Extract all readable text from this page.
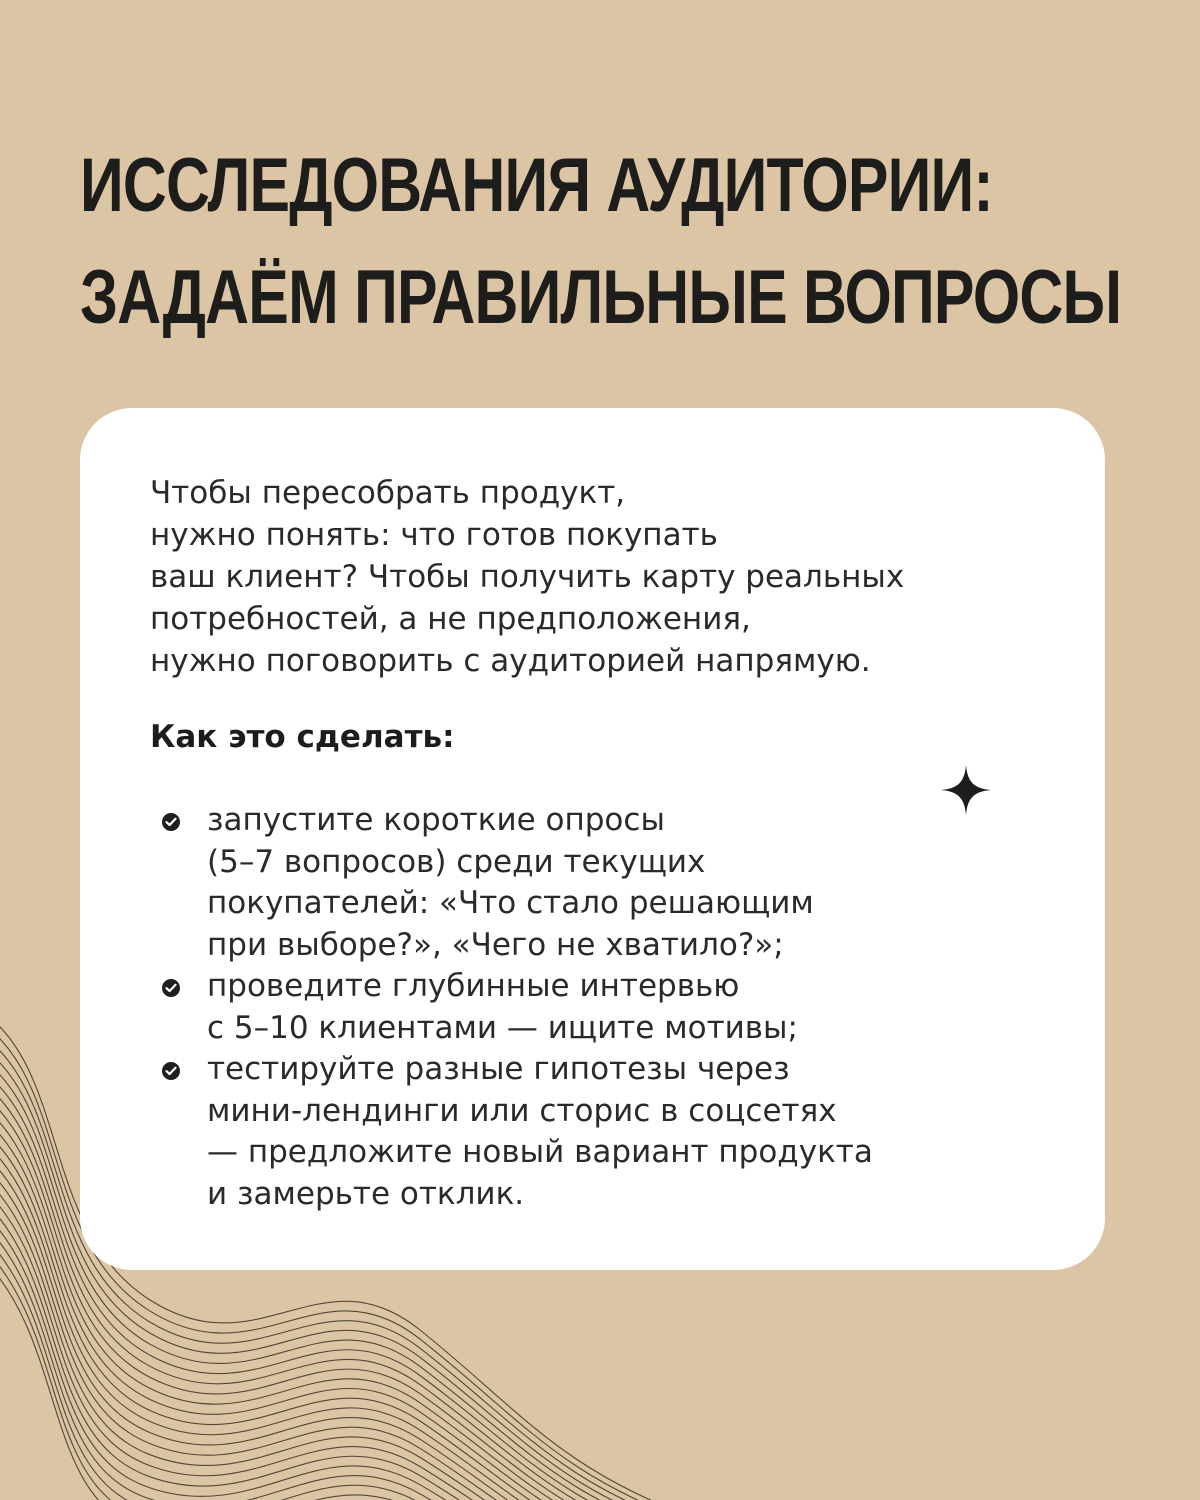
ИССЛЕДОВАНИЯ АУДИТОРИИ:
ЗАДАЁМ ПРАВИЛЬНЫЕ ВОПРОСЫ

Чтобы пересобрать продукт,
нужно понять: что готов покупать
ваш клиент? Чтобы получить карту реальных
потребностей, а не предположения,
нужно поговорить с аудиторией напрямую.

Как это сделать:

запустите короткие опросы
(5–7 вопросов) среди текущих
покупателей: «Что стало решающим
при выборе?», «Чего не хватило?»;
проведите глубинные интервью
с 5–10 клиентами — ищите мотивы;
тестируйте разные гипотезы через
мини-лендинги или сторис в соцсетях
— предложите новый вариант продукта
и замерьте отклик.
